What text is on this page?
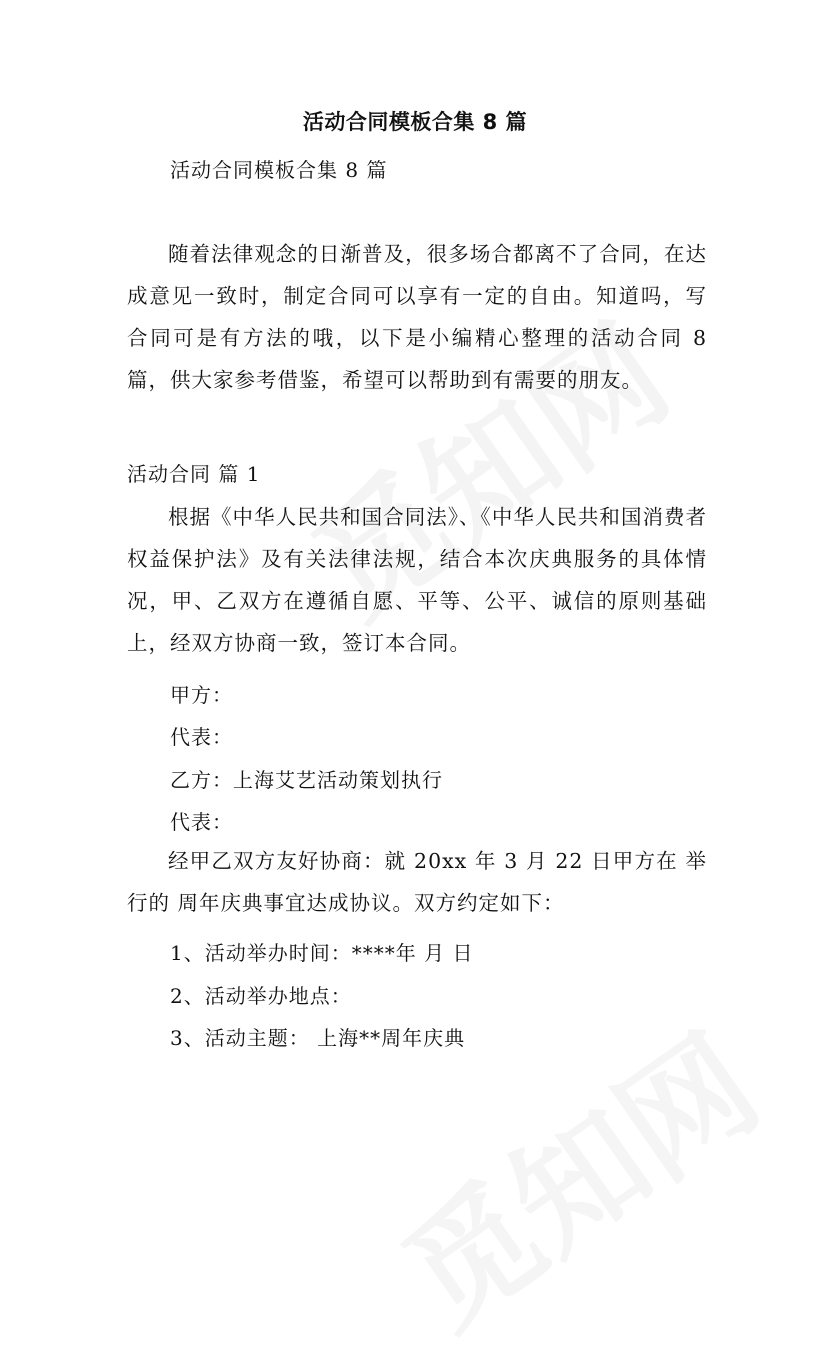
活动合同模板合集 8 篇
活动合同模板合集 8 篇
随着法律观念的日渐普及，很多场合都离不了合同，在达成意见一致时，制定合同可以享有一定的自由。知道吗，写合同可是有方法的哦，以下是小编精心整理的活动合同 8 篇，供大家参考借鉴，希望可以帮助到有需要的朋友。
活动合同 篇 1
根据《中华人民共和国合同法》、《中华人民共和国消费者权益保护法》及有关法律法规，结合本次庆典服务的具体情况，甲、乙双方在遵循自愿、平等、公平、诚信的原则基础上，经双方协商一致，签订本合同。
甲方：
代表：
乙方：上海艾艺活动策划执行
代表：
经甲乙双方友好协商：就 20xx 年 3 月 22 日甲方在 举行的 周年庆典事宜达成协议。双方约定如下：
1、活动举办时间：****年 月 日
2、活动举办地点：
3、活动主题： 上海**周年庆典
